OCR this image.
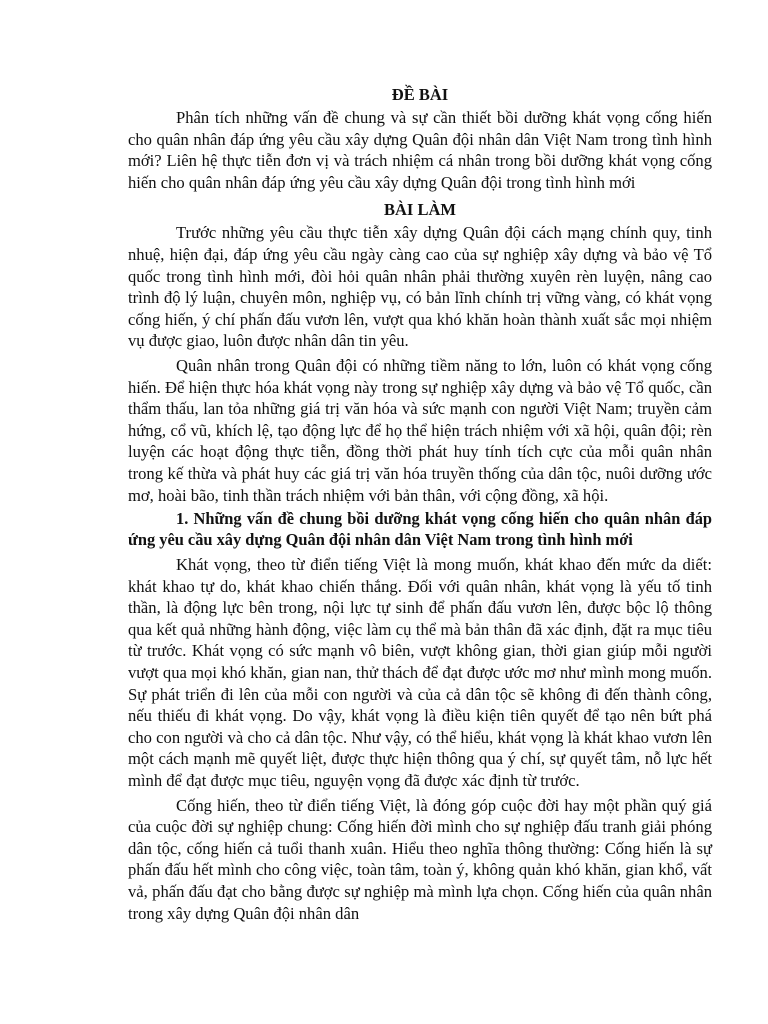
ĐỀ BÀI

Phân tích những vấn đề chung và sự cần thiết bồi dưỡng khát vọng cống hiến cho quân nhân đáp ứng yêu cầu xây dựng Quân đội nhân dân Việt Nam trong tình hình mới? Liên hệ thực tiễn đơn vị và trách nhiệm cá nhân trong bồi dưỡng khát vọng cống hiến cho quân nhân đáp ứng yêu cầu xây dựng Quân đội trong tình hình mới

BÀI LÀM

Trước những yêu cầu thực tiễn xây dựng Quân đội cách mạng chính quy, tinh nhuệ, hiện đại, đáp ứng yêu cầu ngày càng cao của sự nghiệp xây dựng và bảo vệ Tổ quốc trong tình hình mới, đòi hỏi quân nhân phải thường xuyên rèn luyện, nâng cao trình độ lý luận, chuyên môn, nghiệp vụ, có bản lĩnh chính trị vững vàng, có khát vọng cống hiến, ý chí phấn đấu vươn lên, vượt qua khó khăn hoàn thành xuất sắc mọi nhiệm vụ được giao, luôn được nhân dân tin yêu.

Quân nhân trong Quân đội có những tiềm năng to lớn, luôn có khát vọng cống hiến. Để hiện thực hóa khát vọng này trong sự nghiệp xây dựng và bảo vệ Tổ quốc, cần thẩm thấu, lan tỏa những giá trị văn hóa và sức mạnh con người Việt Nam; truyền cảm hứng, cổ vũ, khích lệ, tạo động lực để họ thể hiện trách nhiệm với xã hội, quân đội; rèn luyện các hoạt động thực tiễn, đồng thời phát huy tính tích cực của mỗi quân nhân trong kế thừa và phát huy các giá trị văn hóa truyền thống của dân tộc, nuôi dưỡng ước mơ, hoài bão, tinh thần trách nhiệm với bản thân, với cộng đồng, xã hội.

1. Những vấn đề chung bồi dưỡng khát vọng cống hiến cho quân nhân đáp ứng yêu cầu xây dựng Quân đội nhân dân Việt Nam trong tình hình mới

Khát vọng, theo từ điển tiếng Việt là mong muốn, khát khao đến mức da diết: khát khao tự do, khát khao chiến thắng. Đối với quân nhân, khát vọng là yếu tố tinh thần, là động lực bên trong, nội lực tự sinh để phấn đấu vươn lên, được bộc lộ thông qua kết quả những hành động, việc làm cụ thể mà bản thân đã xác định, đặt ra mục tiêu từ trước. Khát vọng có sức mạnh vô biên, vượt không gian, thời gian giúp mỗi người vượt qua mọi khó khăn, gian nan, thử thách để đạt được ước mơ như mình mong muốn. Sự phát triển đi lên của mỗi con người và của cả dân tộc sẽ không đi đến thành công, nếu thiếu đi khát vọng. Do vậy, khát vọng là điều kiện tiên quyết để tạo nên bứt phá cho con người và cho cả dân tộc. Như vậy, có thể hiểu, khát vọng là khát khao vươn lên một cách mạnh mẽ quyết liệt, được thực hiện thông qua ý chí, sự quyết tâm, nỗ lực hết mình để đạt được mục tiêu, nguyện vọng đã được xác định từ trước.

Cống hiến, theo từ điển tiếng Việt, là đóng góp cuộc đời hay một phần quý giá của cuộc đời sự nghiệp chung: Cống hiến đời mình cho sự nghiệp đấu tranh giải phóng dân tộc, cống hiến cả tuổi thanh xuân. Hiểu theo nghĩa thông thường: Cống hiến là sự phấn đấu hết mình cho công việc, toàn tâm, toàn ý, không quản khó khăn, gian khổ, vất vả, phấn đấu đạt cho bằng được sự nghiệp mà mình lựa chọn. Cống hiến của quân nhân trong xây dựng Quân đội nhân dân
